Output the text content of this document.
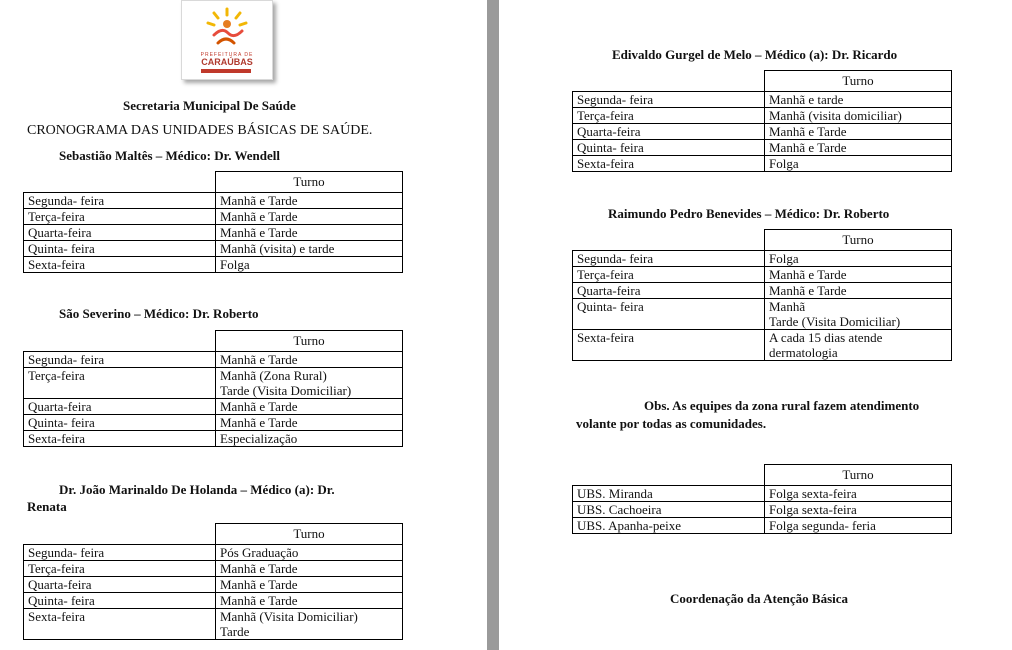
PREFEITURA DE
CARAÚBAS
Secretaria Municipal De Saúde
CRONOGRAMA DAS UNIDADES BÁSICAS DE SAÚDE.
Sebastião Maltês – Médico: Dr. Wendell
	Turno
Segunda- feira	Manhã e Tarde
Terça-feira	Manhã e Tarde
Quarta-feira	Manhã e Tarde
Quinta- feira	Manhã (visita) e tarde
Sexta-feira	Folga
São Severino – Médico: Dr. Roberto
	Turno
Segunda- feira	Manhã e Tarde
Terça-feira	Manhã (Zona Rural)
Tarde (Visita Domiciliar)

Quarta-feira	Manhã e Tarde
Quinta- feira	Manhã e Tarde
Sexta-feira	Especialização
Dr. João Marinaldo De Holanda – Médico (a): Dr.
Renata
	Turno
Segunda- feira	Pós Graduação
Terça-feira	Manhã e Tarde
Quarta-feira	Manhã e Tarde
Quinta- feira	Manhã e Tarde
Sexta-feira	Manhã (Visita Domiciliar)
Tarde
Edivaldo Gurgel de Melo – Médico (a): Dr. Ricardo
	Turno
Segunda- feira	Manhã e tarde
Terça-feira	Manhã (visita domiciliar)
Quarta-feira	Manhã e Tarde
Quinta- feira	Manhã e Tarde
Sexta-feira	Folga
Raimundo Pedro Benevides – Médico: Dr. Roberto
	Turno
Segunda- feira	Folga
Terça-feira	Manhã e Tarde
Quarta-feira	Manhã e Tarde
Quinta- feira	Manhã
Tarde (Visita Domiciliar)

Sexta-feira	A cada 15 dias atende
dermatologia
Obs. As equipes da zona rural fazem atendimento
volante por todas as comunidades.
	Turno
UBS. Miranda	Folga sexta-feira
UBS. Cachoeira	Folga sexta-feira
UBS. Apanha-peixe	Folga segunda- feria
Coordenação da Atenção Básica
